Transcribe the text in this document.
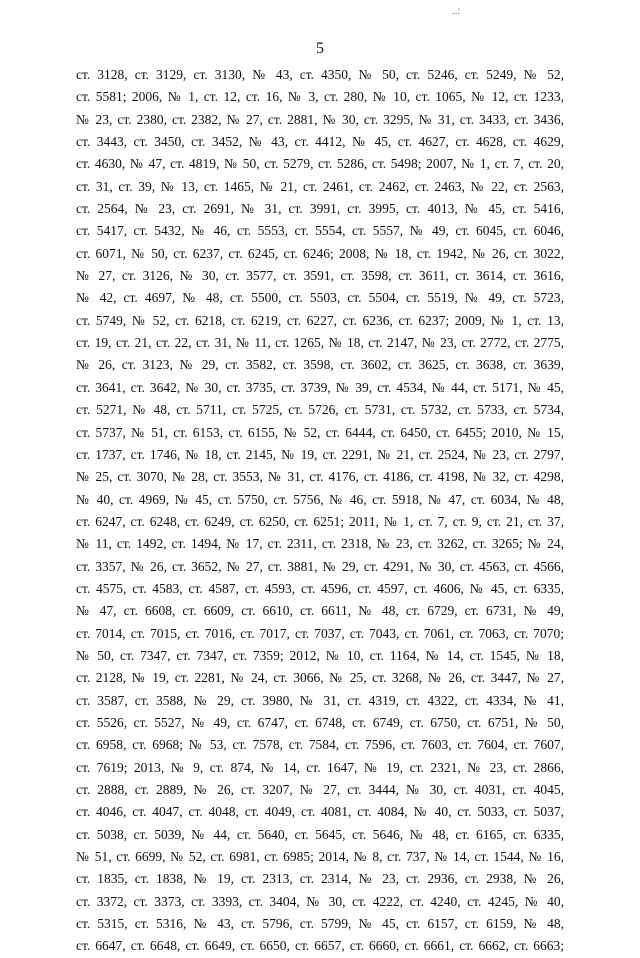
..:
5
ст. 3128, ст. 3129, ст. 3130, № 43, ст. 4350, № 50, ст. 5246, ст. 5249, № 52,
ст. 5581; 2006, № 1, ст. 12, ст. 16, № 3, ст. 280, № 10, ст. 1065, № 12, ст. 1233,
№ 23, ст. 2380, ст. 2382, № 27, ст. 2881, № 30, ст. 3295, № 31, ст. 3433, ст. 3436,
ст. 3443, ст. 3450, ст. 3452, № 43, ст. 4412, № 45, ст. 4627, ст. 4628, ст. 4629,
ст. 4630, № 47, ст. 4819, № 50, ст. 5279, ст. 5286, ст. 5498; 2007, № 1, ст. 7, ст. 20,
ст. 31, ст. 39, № 13, ст. 1465, № 21, ст. 2461, ст. 2462, ст. 2463, № 22, ст. 2563,
ст. 2564, № 23, ст. 2691, № 31, ст. 3991, ст. 3995, ст. 4013, № 45, ст. 5416,
ст. 5417, ст. 5432, № 46, ст. 5553, ст. 5554, ст. 5557, № 49, ст. 6045, ст. 6046,
ст. 6071, № 50, ст. 6237, ст. 6245, ст. 6246; 2008, № 18, ст. 1942, № 26, ст. 3022,
№ 27, ст. 3126, № 30, ст. 3577, ст. 3591, ст. 3598, ст. 3611, ст. 3614, ст. 3616,
№ 42, ст. 4697, № 48, ст. 5500, ст. 5503, ст. 5504, ст. 5519, № 49, ст. 5723,
ст. 5749, № 52, ст. 6218, ст. 6219, ст. 6227, ст. 6236, ст. 6237; 2009, № 1, ст. 13,
ст. 19, ст. 21, ст. 22, ст. 31, № 11, ст. 1265, № 18, ст. 2147, № 23, ст. 2772, ст. 2775,
№ 26, ст. 3123, № 29, ст. 3582, ст. 3598, ст. 3602, ст. 3625, ст. 3638, ст. 3639,
ст. 3641, ст. 3642, № 30, ст. 3735, ст. 3739, № 39, ст. 4534, № 44, ст. 5171, № 45,
ст. 5271, № 48, ст. 5711, ст. 5725, ст. 5726, ст. 5731, ст. 5732, ст. 5733, ст. 5734,
ст. 5737, № 51, ст. 6153, ст. 6155, № 52, ст. 6444, ст. 6450, ст. 6455; 2010, № 15,
ст. 1737, ст. 1746, № 18, ст. 2145, № 19, ст. 2291, № 21, ст. 2524, № 23, ст. 2797,
№ 25, ст. 3070, № 28, ст. 3553, № 31, ст. 4176, ст. 4186, ст. 4198, № 32, ст. 4298,
№ 40, ст. 4969, № 45, ст. 5750, ст. 5756, № 46, ст. 5918, № 47, ст. 6034, № 48,
ст. 6247, ст. 6248, ст. 6249, ст. 6250, ст. 6251; 2011, № 1, ст. 7, ст. 9, ст. 21, ст. 37,
№ 11, ст. 1492, ст. 1494, № 17, ст. 2311, ст. 2318, № 23, ст. 3262, ст. 3265; № 24,
ст. 3357, № 26, ст. 3652, № 27, ст. 3881, № 29, ст. 4291, № 30, ст. 4563, ст. 4566,
ст. 4575, ст. 4583, ст. 4587, ст. 4593, ст. 4596, ст. 4597, ст. 4606, № 45, ст. 6335,
№ 47, ст. 6608, ст. 6609, ст. 6610, ст. 6611, № 48, ст. 6729, ст. 6731, № 49,
ст. 7014, ст. 7015, ст. 7016, ст. 7017, ст. 7037, ст. 7043, ст. 7061, ст. 7063, ст. 7070;
№ 50, ст. 7347, ст. 7347, ст. 7359; 2012, № 10, ст. 1164, № 14, ст. 1545, № 18,
ст. 2128, № 19, ст. 2281, № 24, ст. 3066, № 25, ст. 3268, № 26, ст. 3447, № 27,
ст. 3587, ст. 3588, № 29, ст. 3980, № 31, ст. 4319, ст. 4322, ст. 4334, № 41,
ст. 5526, ст. 5527, № 49, ст. 6747, ст. 6748, ст. 6749, ст. 6750, ст. 6751, № 50,
ст. 6958, ст. 6968; № 53, ст. 7578, ст. 7584, ст. 7596, ст. 7603, ст. 7604, ст. 7607,
ст. 7619; 2013, № 9, ст. 874, № 14, ст. 1647, № 19, ст. 2321, № 23, ст. 2866,
ст. 2888, ст. 2889, № 26, ст. 3207, № 27, ст. 3444, № 30, ст. 4031, ст. 4045,
ст. 4046, ст. 4047, ст. 4048, ст. 4049, ст. 4081, ст. 4084, № 40, ст. 5033, ст. 5037,
ст. 5038, ст. 5039, № 44, ст. 5640, ст. 5645, ст. 5646, № 48, ст. 6165, ст. 6335,
№ 51, ст. 6699, № 52, ст. 6981, ст. 6985; 2014, № 8, ст. 737, № 14, ст. 1544, № 16,
ст. 1835, ст. 1838, № 19, ст. 2313, ст. 2314, № 23, ст. 2936, ст. 2938, № 26,
ст. 3372, ст. 3373, ст. 3393, ст. 3404, № 30, ст. 4222, ст. 4240, ст. 4245, № 40,
ст. 5315, ст. 5316, № 43, ст. 5796, ст. 5799, № 45, ст. 6157, ст. 6159, № 48,
ст. 6647, ст. 6648, ст. 6649, ст. 6650, ст. 6657, ст. 6660, ст. 6661, ст. 6662, ст. 6663;
